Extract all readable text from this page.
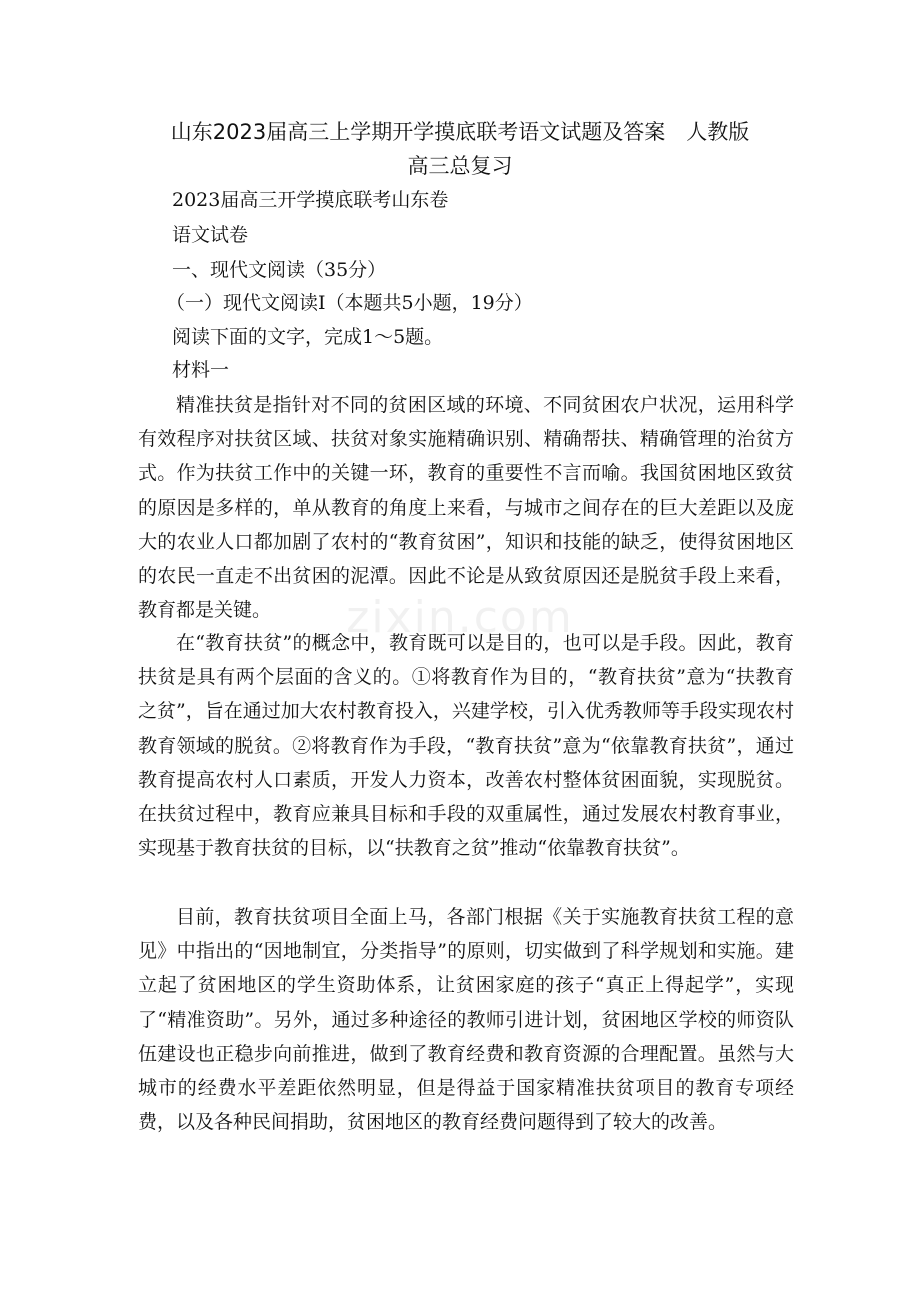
山东2023届高三上学期开学摸底联考语文试题及答案　人教版
高三总复习
2023届高三开学摸底联考山东卷
语文试卷
一、现代文阅读（35分）
（一）现代文阅读Ⅰ（本题共5小题，19分）
阅读下面的文字，完成1～5题。
材料一
精准扶贫是指针对不同的贫困区域的环境、不同贫困农户状况，运用科学有效程序对扶贫区域、扶贫对象实施精确识别、精确帮扶、精确管理的治贫方式。作为扶贫工作中的关键一环，教育的重要性不言而喻。我国贫困地区致贫的原因是多样的，单从教育的角度上来看，与城市之间存在的巨大差距以及庞大的农业人口都加剧了农村的“教育贫困”，知识和技能的缺乏，使得贫困地区的农民一直走不出贫困的泥潭。因此不论是从致贫原因还是脱贫手段上来看，教育都是关键。
在“教育扶贫”的概念中，教育既可以是目的，也可以是手段。因此，教育扶贫是具有两个层面的含义的。①将教育作为目的，“教育扶贫”意为“扶教育之贫”，旨在通过加大农村教育投入，兴建学校，引入优秀教师等手段实现农村教育领域的脱贫。②将教育作为手段，“教育扶贫”意为“依靠教育扶贫”，通过教育提高农村人口素质，开发人力资本，改善农村整体贫困面貌，实现脱贫。在扶贫过程中，教育应兼具目标和手段的双重属性，通过发展农村教育事业，实现基于教育扶贫的目标，以“扶教育之贫”推动“依靠教育扶贫”。
目前，教育扶贫项目全面上马，各部门根据《关于实施教育扶贫工程的意见》中指出的“因地制宜，分类指导”的原则，切实做到了科学规划和实施。建立起了贫困地区的学生资助体系，让贫困家庭的孩子“真正上得起学”，实现了“精准资助”。另外，通过多种途径的教师引进计划，贫困地区学校的师资队伍建设也正稳步向前推进，做到了教育经费和教育资源的合理配置。虽然与大城市的经费水平差距依然明显，但是得益于国家精准扶贫项目的教育专项经费，以及各种民间捐助，贫困地区的教育经费问题得到了较大的改善。
zixin.com
